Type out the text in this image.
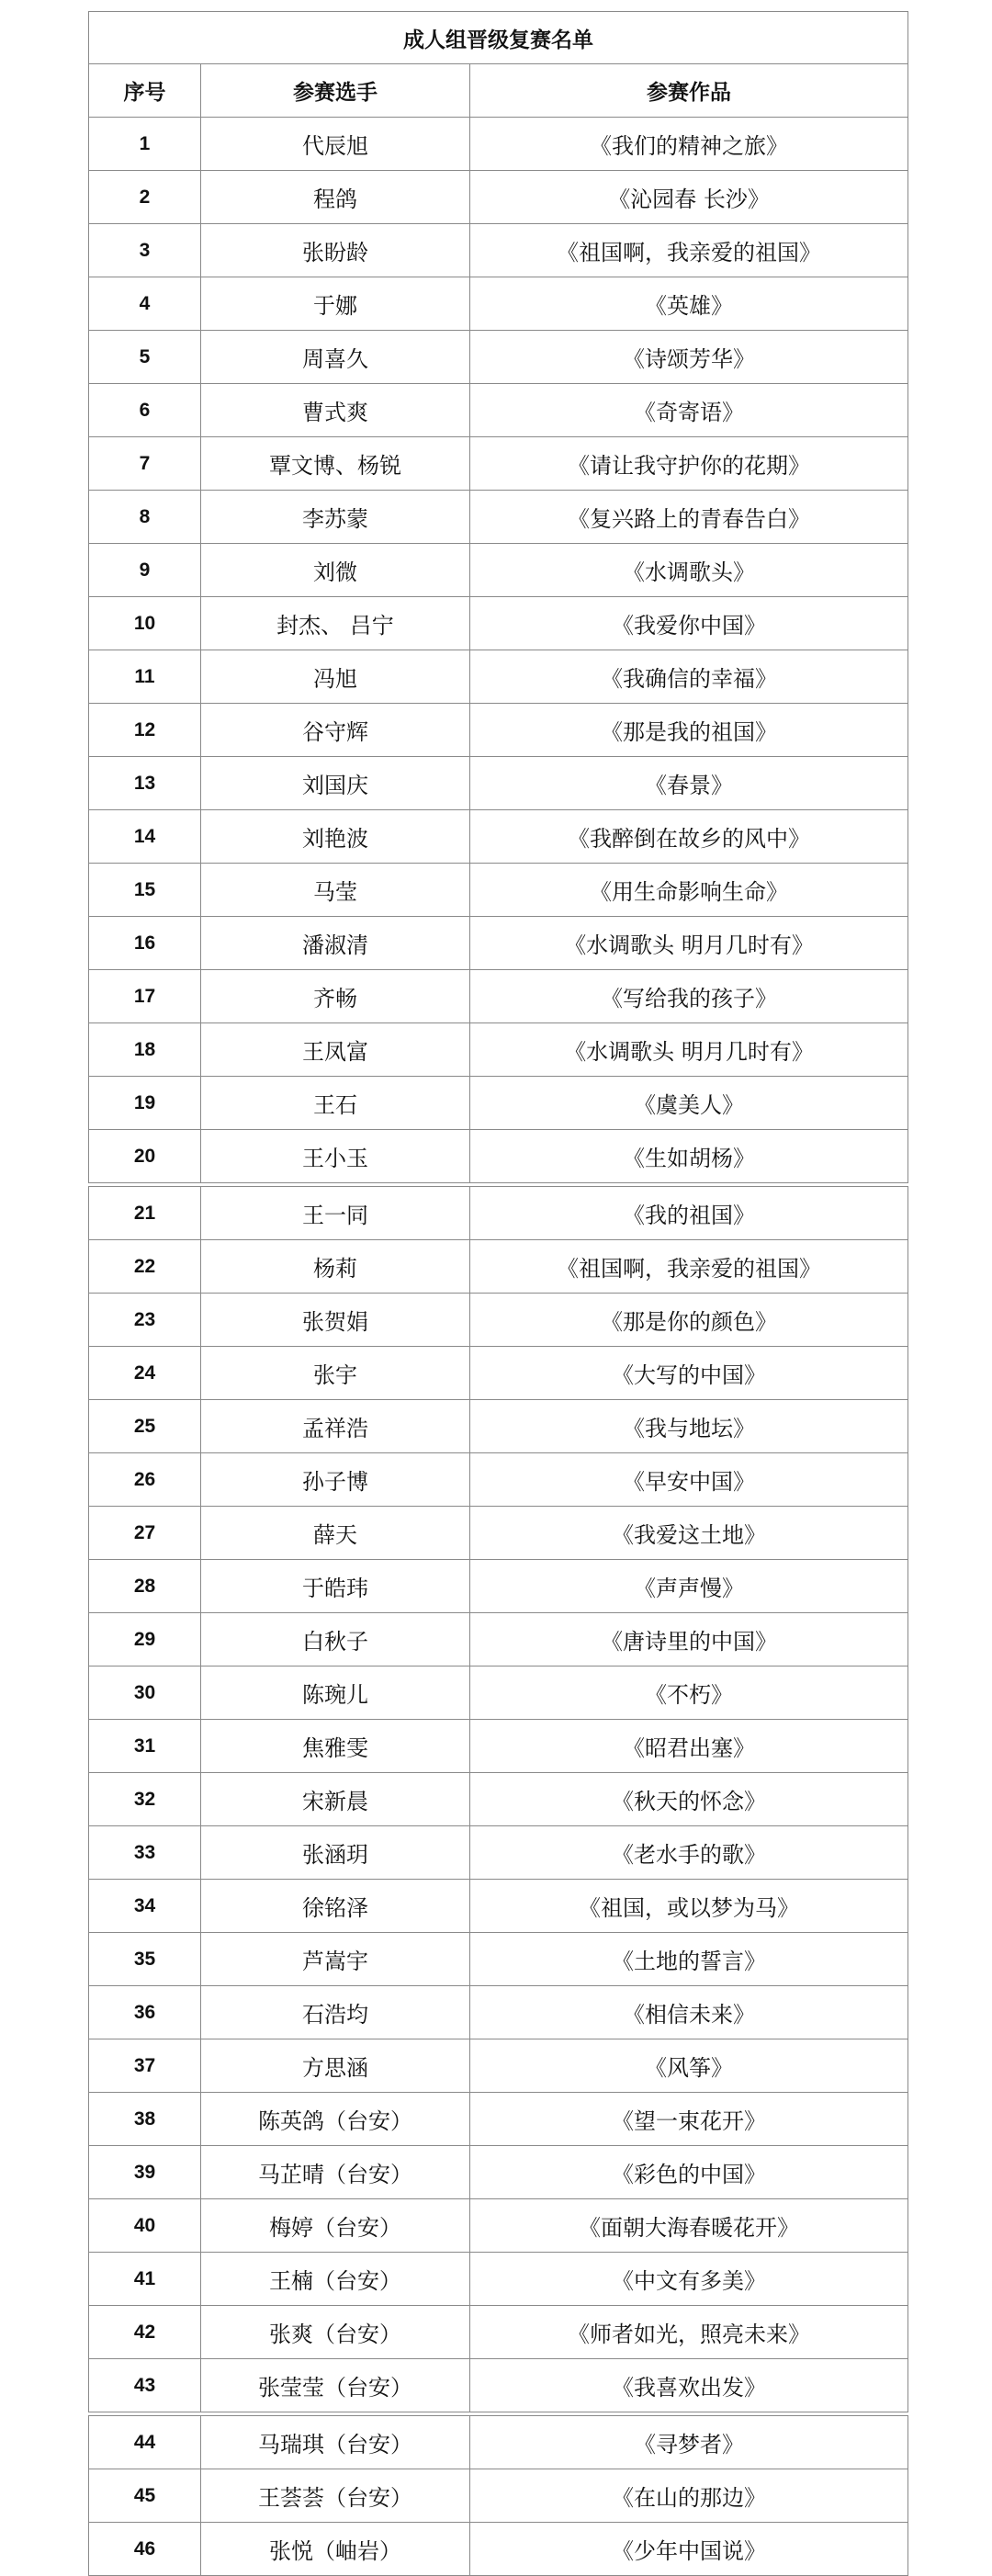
成人组晋级复赛名单		
序号	参赛选手	参赛作品
1	代辰旭	《我们的精神之旅》
2	程鸽	《沁园春 长沙》
3	张盼龄	《祖国啊，我亲爱的祖国》
4	于娜	《英雄》
5	周喜久	《诗颂芳华》
6	曹式爽	《奇寄语》
7	覃文博、杨锐	《请让我守护你的花期》
8	李苏蒙	《复兴路上的青春告白》
9	刘微	《水调歌头》
10	封杰、 吕宁	《我爱你中国》
11	冯旭	《我确信的幸福》
12	谷守辉	《那是我的祖国》
13	刘国庆	《春景》
14	刘艳波	《我醉倒在故乡的风中》
15	马莹	《用生命影响生命》
16	潘淑清	《水调歌头 明月几时有》
17	齐畅	《写给我的孩子》
18	王凤富	《水调歌头 明月几时有》
19	王石	《虞美人》
20	王小玉	《生如胡杨》

21	王一同	《我的祖国》
22	杨莉	《祖国啊，我亲爱的祖国》
23	张贺娟	《那是你的颜色》
24	张宇	《大写的中国》
25	孟祥浩	《我与地坛》
26	孙子博	《早安中国》
27	薛天	《我爱这土地》
28	于皓玮	《声声慢》
29	白秋子	《唐诗里的中国》
30	陈琬儿	《不朽》
31	焦雅雯	《昭君出塞》
32	宋新晨	《秋天的怀念》
33	张涵玥	《老水手的歌》
34	徐铭泽	《祖国，或以梦为马》
35	芦嵩宇	《土地的誓言》
36	石浩均	《相信未来》
37	方思涵	《风筝》
38	陈英鸽（台安）	《望一束花开》
39	马芷晴（台安）	《彩色的中国》
40	梅婷（台安）	《面朝大海春暖花开》
41	王楠（台安）	《中文有多美》
42	张爽（台安）	《师者如光，照亮未来》
43	张莹莹（台安）	《我喜欢出发》

44	马瑞琪（台安）	《寻梦者》
45	王荟荟（台安）	《在山的那边》
46	张悦（岫岩）	《少年中国说》
